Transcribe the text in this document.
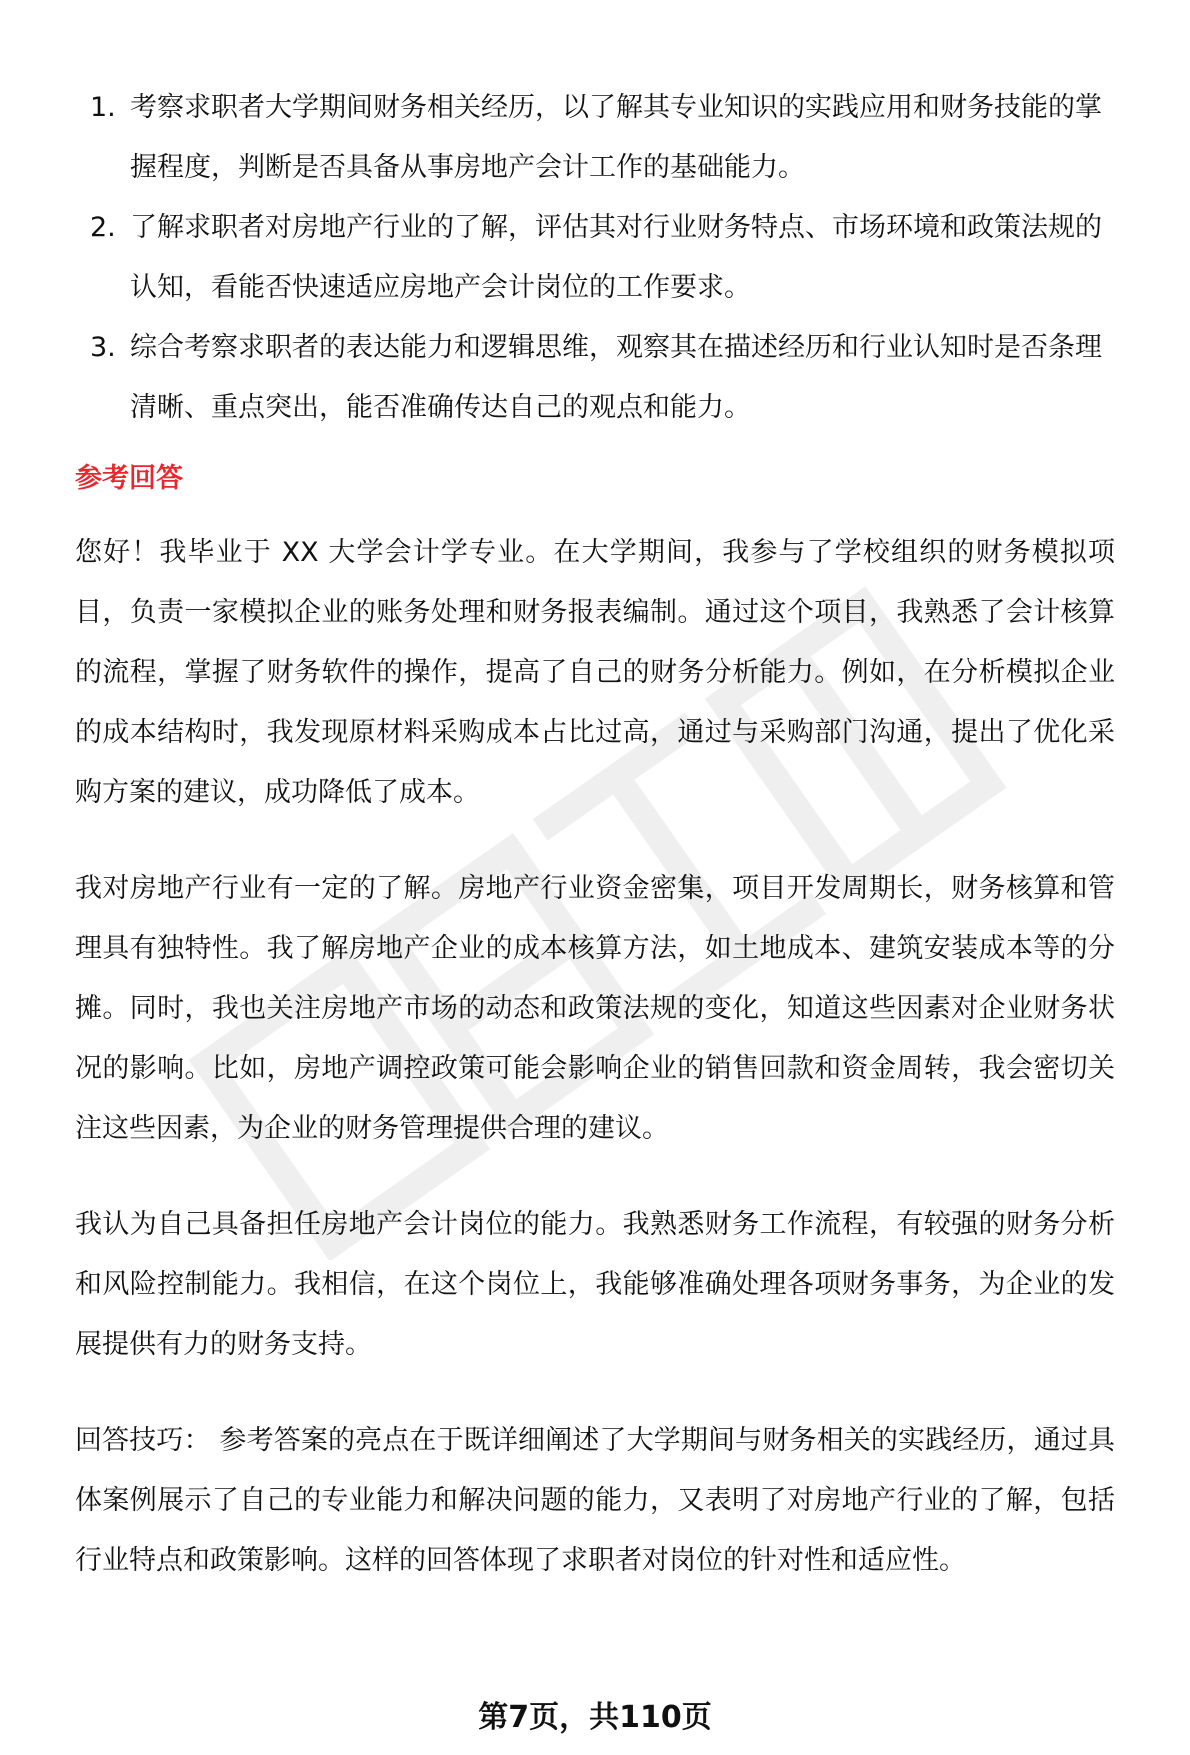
1. 考察求职者大学期间财务相关经历，以了解其专业知识的实践应用和财务技能的掌握程度，判断是否具备从事房地产会计工作的基础能力。
2. 了解求职者对房地产行业的了解，评估其对行业财务特点、市场环境和政策法规的认知，看能否快速适应房地产会计岗位的工作要求。
3. 综合考察求职者的表达能力和逻辑思维，观察其在描述经历和行业认知时是否条理清晰、重点突出，能否准确传达自己的观点和能力。
参考回答

您好！我毕业于 XX 大学会计学专业。在大学期间，我参与了学校组织的财务模拟项目，负责一家模拟企业的账务处理和财务报表编制。通过这个项目，我熟悉了会计核算的流程，掌握了财务软件的操作，提高了自己的财务分析能力。例如，在分析模拟企业的成本结构时，我发现原材料采购成本占比过高，通过与采购部门沟通，提出了优化采购方案的建议，成功降低了成本。

我对房地产行业有一定的了解。房地产行业资金密集，项目开发周期长，财务核算和管理具有独特性。我了解房地产企业的成本核算方法，如土地成本、建筑安装成本等的分摊。同时，我也关注房地产市场的动态和政策法规的变化，知道这些因素对企业财务状况的影响。比如，房地产调控政策可能会影响企业的销售回款和资金周转，我会密切关注这些因素，为企业的财务管理提供合理的建议。

我认为自己具备担任房地产会计岗位的能力。我熟悉财务工作流程，有较强的财务分析和风险控制能力。我相信，在这个岗位上，我能够准确处理各项财务事务，为企业的发展提供有力的财务支持。

回答技巧： 参考答案的亮点在于既详细阐述了大学期间与财务相关的实践经历，通过具体案例展示了自己的专业能力和解决问题的能力，又表明了对房地产行业的了解，包括行业特点和政策影响。这样的回答体现了求职者对岗位的针对性和适应性。

第7页，共110页
